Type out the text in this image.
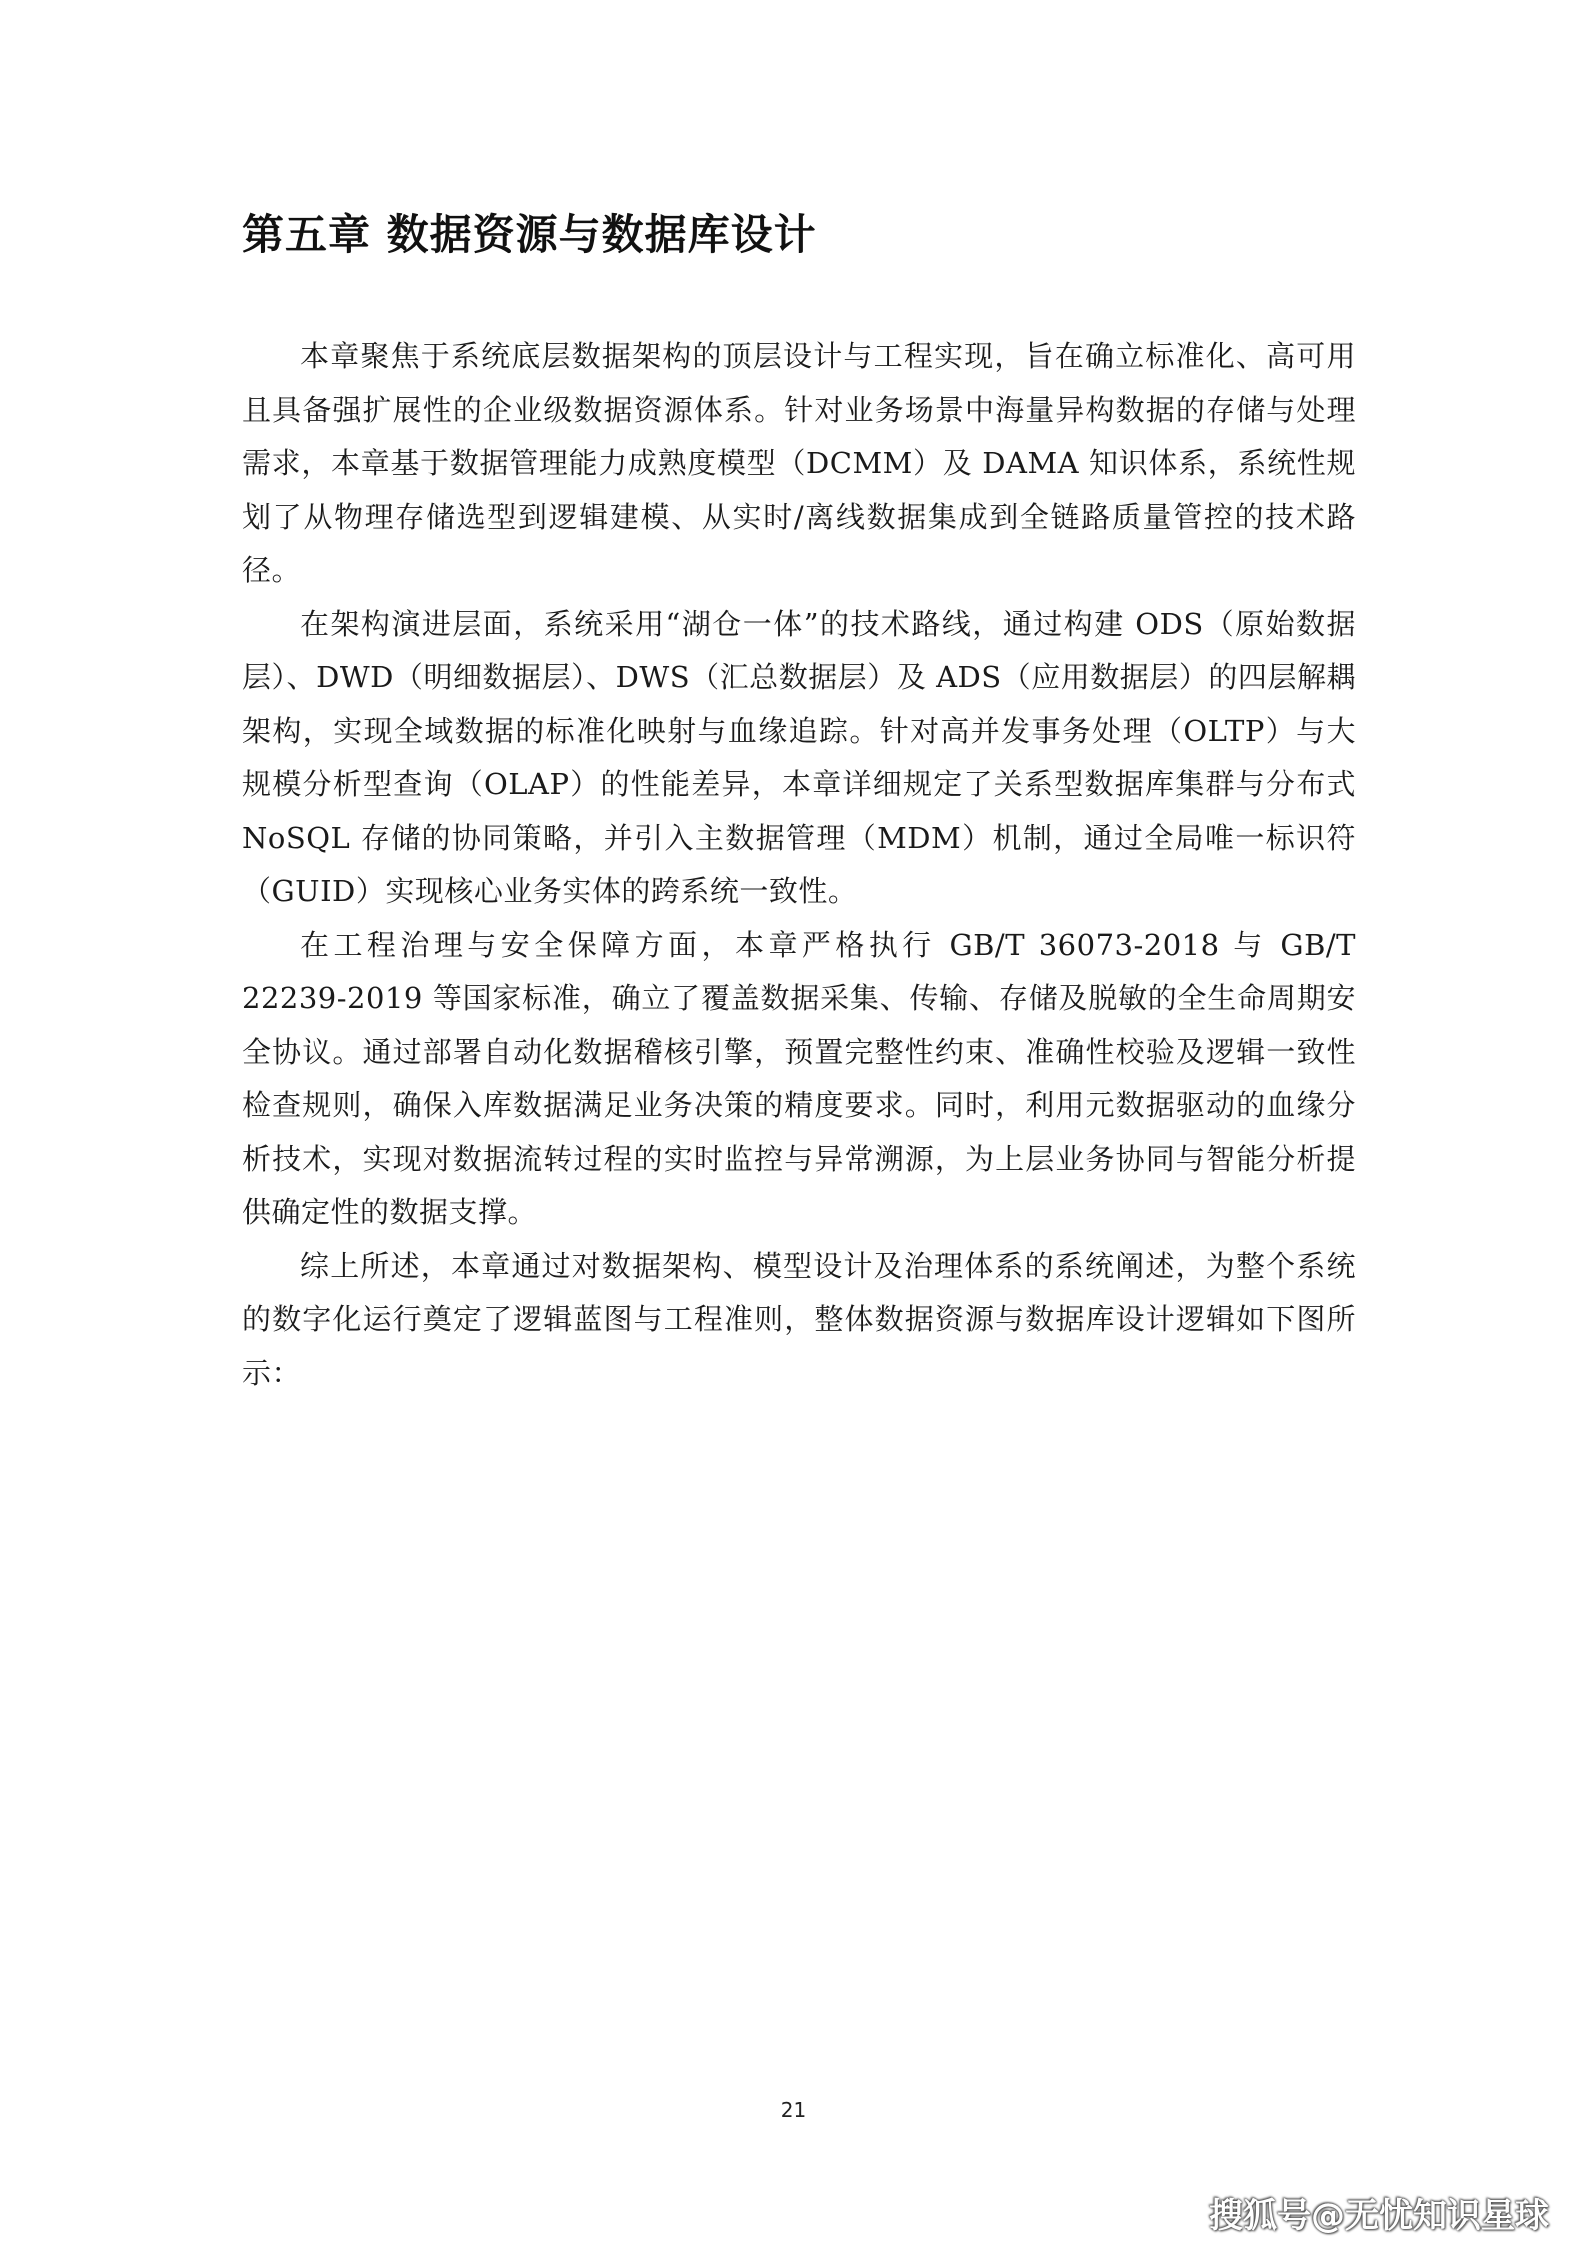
第五章 数据资源与数据库设计

本章聚焦于系统底层数据架构的顶层设计与工程实现，旨在确立标准化、高可用且具备强扩展性的企业级数据资源体系。针对业务场景中海量异构数据的存储与处理需求，本章基于数据管理能力成熟度模型（DCMM）及 DAMA 知识体系，系统性规划了从物理存储选型到逻辑建模、从实时/离线数据集成到全链路质量管控的技术路径。

在架构演进层面，系统采用“湖仓一体”的技术路线，通过构建 ODS（原始数据层）、DWD（明细数据层）、DWS（汇总数据层）及 ADS（应用数据层）的四层解耦架构，实现全域数据的标准化映射与血缘追踪。针对高并发事务处理（OLTP）与大规模分析型查询（OLAP）的性能差异，本章详细规定了关系型数据库集群与分布式 NoSQL 存储的协同策略，并引入主数据管理（MDM）机制，通过全局唯一标识符（GUID）实现核心业务实体的跨系统一致性。

在工程治理与安全保障方面，本章严格执行 GB/T 36073-2018 与 GB/T 22239-2019 等国家标准，确立了覆盖数据采集、传输、存储及脱敏的全生命周期安全协议。通过部署自动化数据稽核引擎，预置完整性约束、准确性校验及逻辑一致性检查规则，确保入库数据满足业务决策的精度要求。同时，利用元数据驱动的血缘分析技术，实现对数据流转过程的实时监控与异常溯源，为上层业务协同与智能分析提供确定性的数据支撑。

综上所述，本章通过对数据架构、模型设计及治理体系的系统阐述，为整个系统的数字化运行奠定了逻辑蓝图与工程准则，整体数据资源与数据库设计逻辑如下图所示：

21
搜狐号@无忧知识星球
